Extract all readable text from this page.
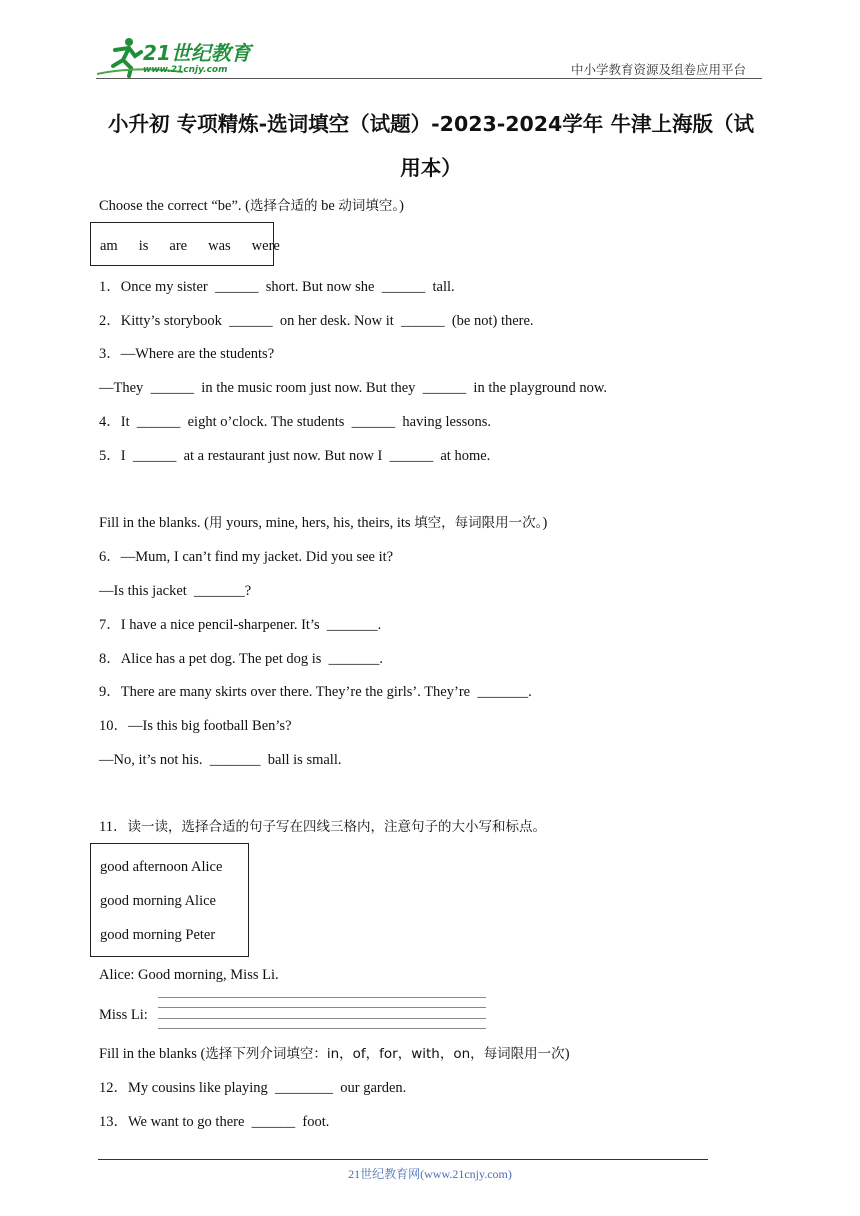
21世纪教育
www.21cnjy.com	中小学教育资源及组卷应用平台
小升初 专项精炼-选词填空（试题）-2023-2024学年 牛津上海版（试
用本）
Choose the correct “be”. (选择合适的 be 动词填空。)
am is are was were
1．Once my sister  ______  short. But now she  ______  tall.
2．Kitty’s storybook  ______  on her desk. Now it  ______  (be not) there.
3．—Where are the students?
—They  ______  in the music room just now. But they  ______  in the playground now.
4．It  ______  eight o’clock. The students  ______  having lessons.
5．I  ______  at a restaurant just now. But now I  ______  at home.
Fill in the blanks. (用 yours, mine, hers, his, theirs, its 填空，每词限用一次。)
6．—Mum, I can’t find my jacket. Did you see it?
—Is this jacket  _______?
7．I have a nice pencil-sharpener. It’s  _______.
8．Alice has a pet dog. The pet dog is  _______.
9．There are many skirts over there. They’re the girls’. They’re  _______.
10．—Is this big football Ben’s?
—No, it’s not his.  _______  ball is small.
11．读一读，选择合适的句子写在四线三格内，注意句子的大小写和标点。
good afternoon Alice
good morning Alice
good morning Peter
Alice: Good morning, Miss Li.
Miss Li:
Fill in the blanks (选择下列介词填空：in，of，for，with，on，每词限用一次)
12．My cousins like playing  ________  our garden.
13．We want to go there  ______  foot.
21世纪教育网(www.21cnjy.com)
